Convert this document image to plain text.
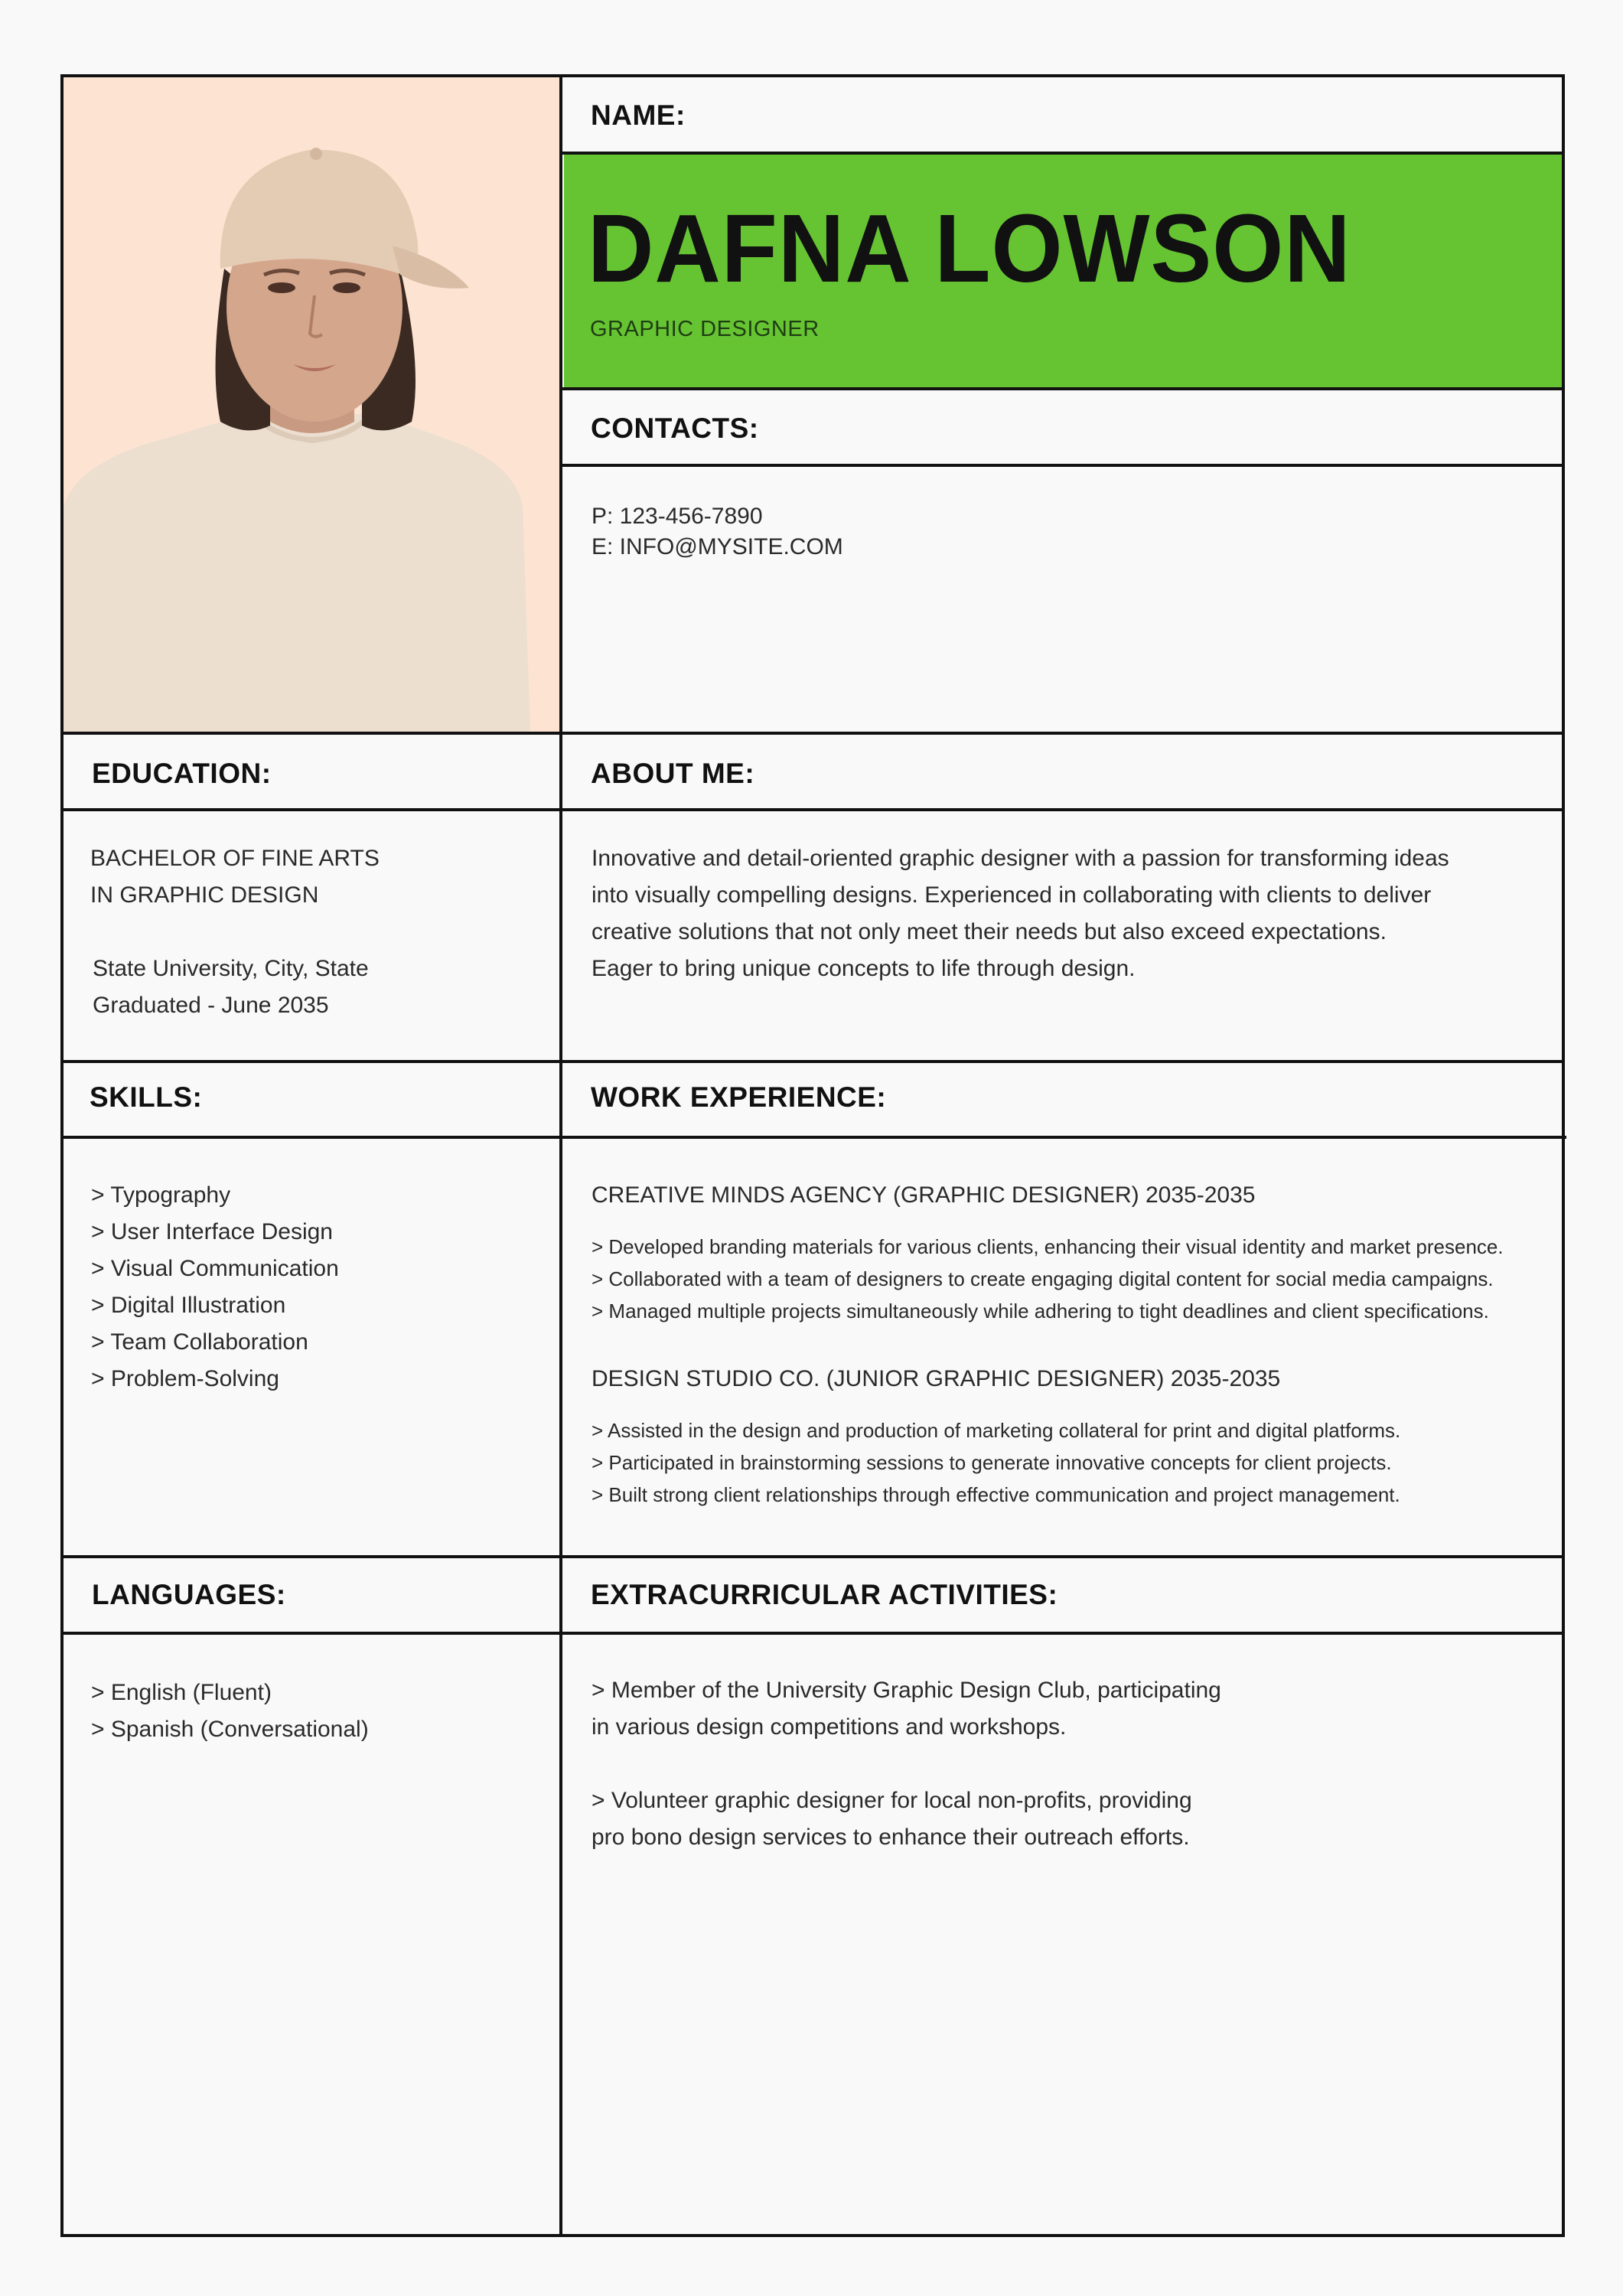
NAME:
DAFNA LOWSON
GRAPHIC DESIGNER
CONTACTS:
P: 123-456-7890
E: INFO@MYSITE.COM
EDUCATION:
BACHELOR OF FINE ARTS
IN GRAPHIC DESIGN
State University, City, State
Graduated - June 2035
ABOUT ME:
Innovative and detail-oriented graphic designer with a passion for transforming ideas
into visually compelling designs. Experienced in collaborating with clients to deliver
creative solutions that not only meet their needs but also exceed expectations.
Eager to bring unique concepts to life through design.
SKILLS:
> Typography
> User Interface Design
> Visual Communication
> Digital Illustration
> Team Collaboration
> Problem-Solving
WORK EXPERIENCE:
CREATIVE MINDS AGENCY (GRAPHIC DESIGNER) 2035-2035
> Developed branding materials for various clients, enhancing their visual identity and market presence.
> Collaborated with a team of designers to create engaging digital content for social media campaigns.
> Managed multiple projects simultaneously while adhering to tight deadlines and client specifications.
DESIGN STUDIO CO. (JUNIOR GRAPHIC DESIGNER) 2035-2035
> Assisted in the design and production of marketing collateral for print and digital platforms.
> Participated in brainstorming sessions to generate innovative concepts for client projects.
> Built strong client relationships through effective communication and project management.
LANGUAGES:
> English (Fluent)
> Spanish (Conversational)
EXTRACURRICULAR ACTIVITIES:
> Member of the University Graphic Design Club, participating
in various design competitions and workshops.
> Volunteer graphic designer for local non-profits, providing
pro bono design services to enhance their outreach efforts.
